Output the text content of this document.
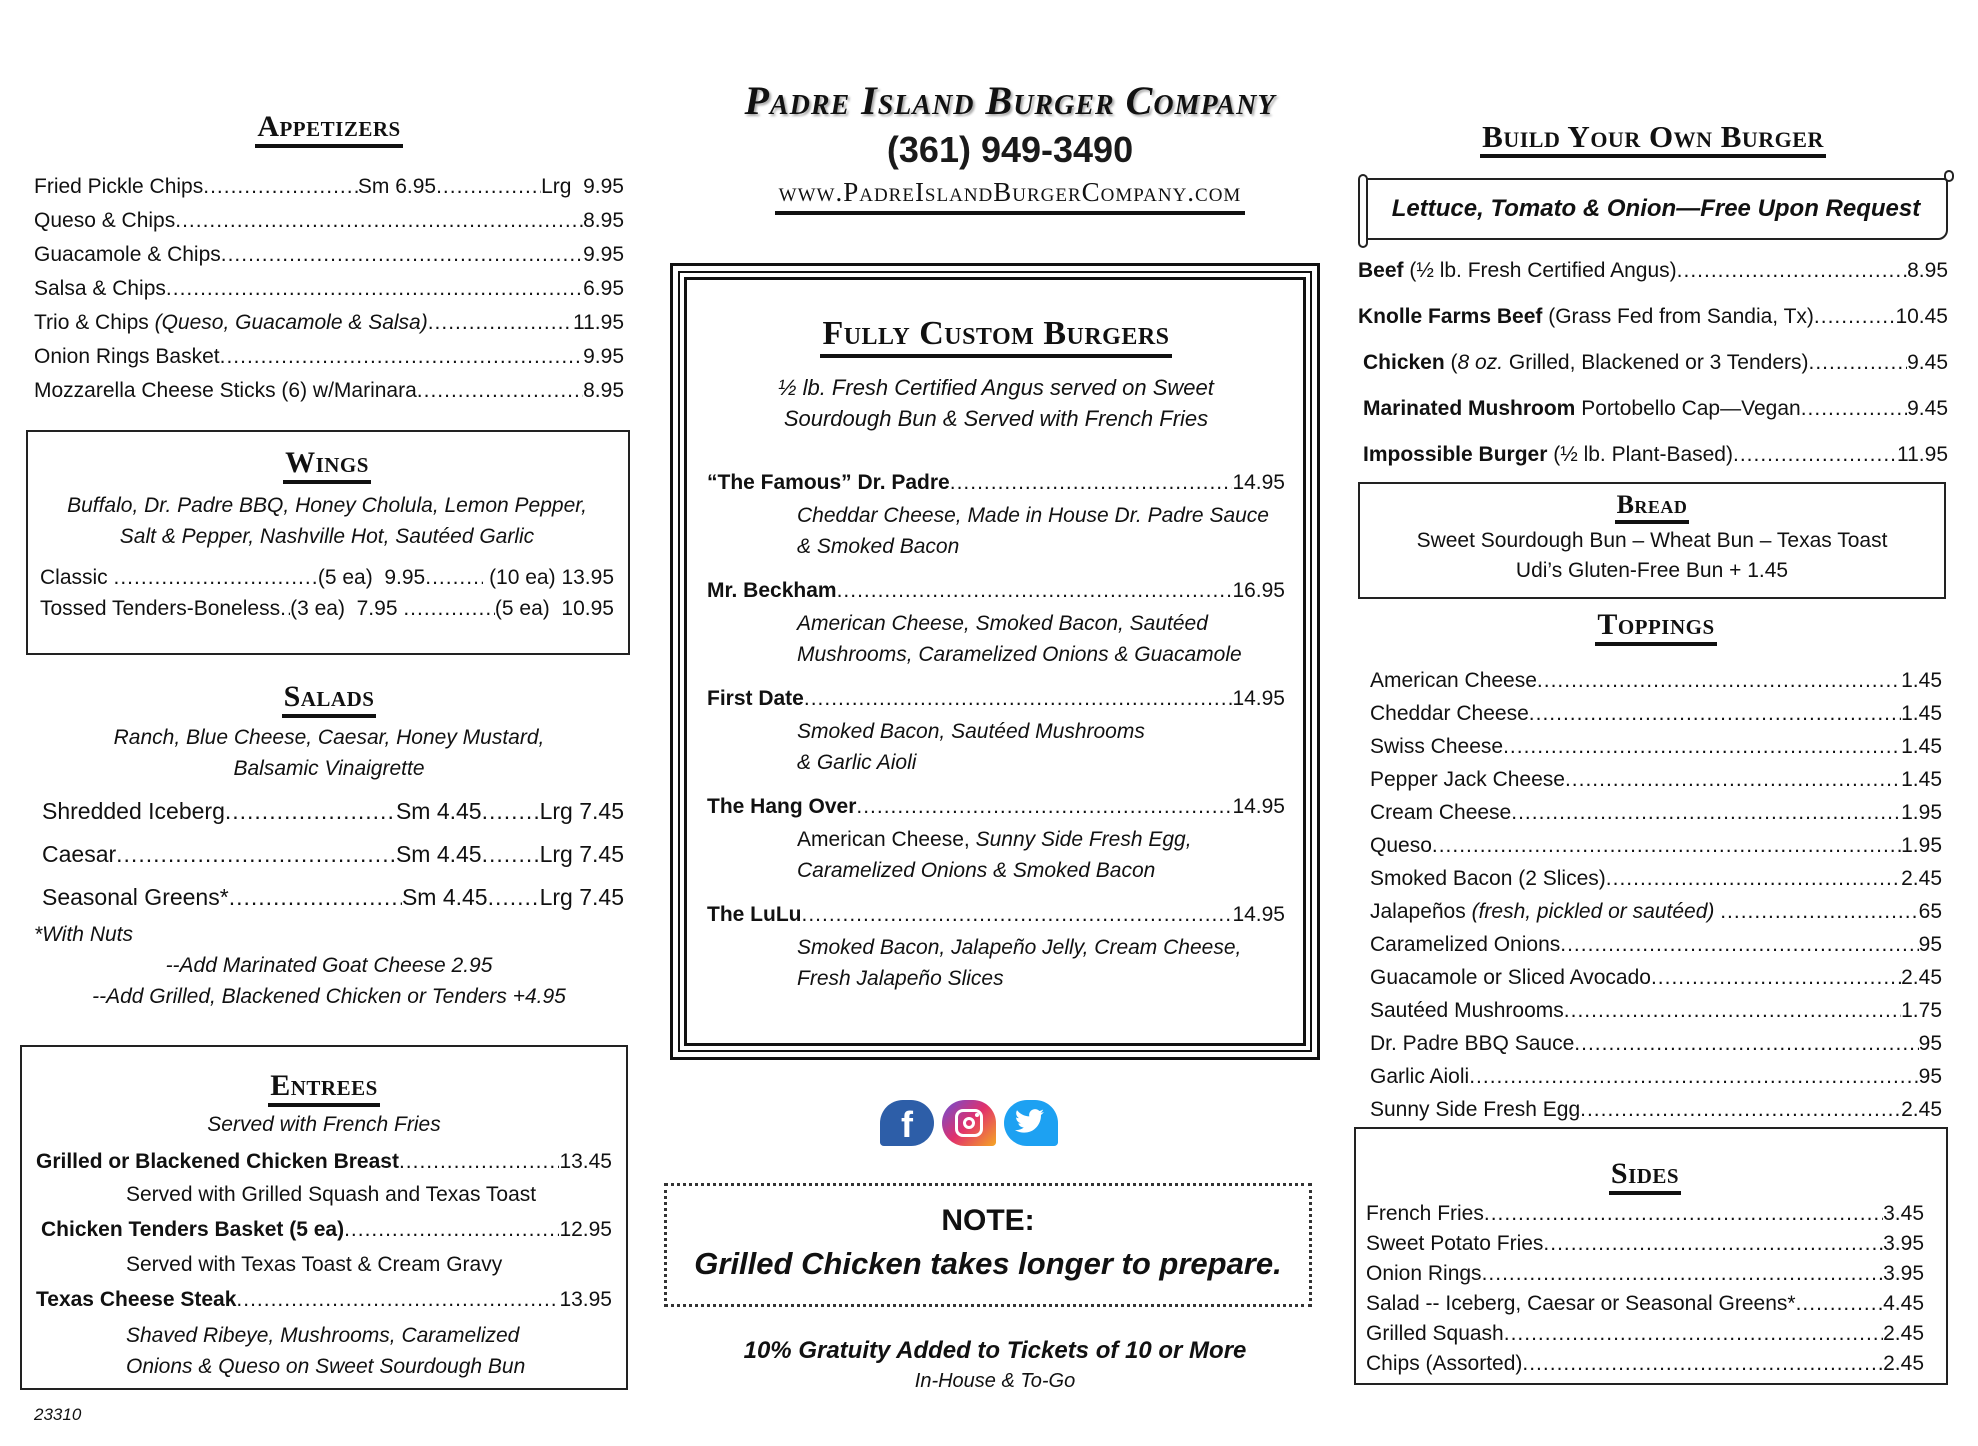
Appetizers
Fried Pickle Chips .....	Sm 6.95 .....	Lrg  9.95
Queso & Chips .....	8.95
Guacamole & Chips .....	9.95
Salsa & Chips .....	6.95
Trio & Chips (Queso, Guacamole & Salsa) .....	11.95
Onion Rings Basket .....	9.95
Mozzarella Cheese Sticks (6) w/Marinara .....	8.95
Wings
Buffalo, Dr. Padre BBQ, Honey Cholula, Lemon Pepper,
Salt & Pepper, Nashville Hot, Sautéed Garlic
Classic .....	(5 ea)  9.95 .....	(10 ea) 13.95
Tossed Tenders-Boneless ..... (3 ea)  7.95 .....	(5 ea)  10.95
Salads
Ranch, Blue Cheese, Caesar, Honey Mustard,
Balsamic Vinaigrette
Shredded Iceberg .....	Sm 4.45 .....	Lrg 7.45
Caesar .....	Sm 4.45 .....	Lrg 7.45
Seasonal Greens* .....	Sm 4.45 ..... Lrg 7.45
*With Nuts
--Add Marinated Goat Cheese 2.95
--Add Grilled, Blackened Chicken or Tenders +4.95
Entrees
Served with French Fries
Grilled or Blackened Chicken Breast .....	13.45
Served with Grilled Squash and Texas Toast
Chicken Tenders Basket (5 ea) .....	12.95
Served with Texas Toast & Cream Gravy
Texas Cheese Steak .....	13.95
Shaved Ribeye, Mushrooms, Caramelized
Onions & Queso on Sweet Sourdough Bun
23310
Padre Island Burger Company
(361) 949-3490
www.PadreIslandBurgerCompany.com
Fully Custom Burgers
½ lb. Fresh Certified Angus served on Sweet
Sourdough Bun & Served with French Fries
“The Famous” Dr. Padre .....	14.95
Cheddar Cheese, Made in House Dr. Padre Sauce
& Smoked Bacon
Mr. Beckham .....	16.95
American Cheese, Smoked Bacon, Sautéed
Mushrooms, Caramelized Onions & Guacamole
First Date .....	14.95
Smoked Bacon, Sautéed Mushrooms
& Garlic Aioli
The Hang Over .....	14.95
American Cheese, Sunny Side Fresh Egg,
Caramelized Onions & Smoked Bacon
The LuLu .....	14.95
Smoked Bacon, Jalapeño Jelly, Cream Cheese,
Fresh Jalapeño Slices
f
NOTE:
Grilled Chicken takes longer to prepare.
10% Gratuity Added to Tickets of 10 or More
In-House & To-Go
Build Your Own Burger
Lettuce, Tomato & Onion—Free Upon Request
Beef (½ lb. Fresh Certified Angus) .....	8.95
Knolle Farms Beef (Grass Fed from Sandia, Tx) .....	10.45
Chicken ( 8 oz. Grilled, Blackened or 3 Tenders) .....	9.45
Marinated Mushroom Portobello Cap—Vegan .....	9.45
Impossible Burger (½ lb. Plant-Based) .....	11.95
Bread
Sweet Sourdough Bun – Wheat Bun – Texas Toast
Udi’s Gluten-Free Bun + 1.45
Toppings
American Cheese .....	1.45
Cheddar Cheese .....	1.45
Swiss Cheese .....	1.45
Pepper Jack Cheese .....	1.45
Cream Cheese .....	1.95
Queso .....	1.95
Smoked Bacon (2 Slices) .....	2.45
Jalapeños (fresh, pickled or sautéed) .....	65
Caramelized Onions .....	95
Guacamole or Sliced Avocado .....	2.45
Sautéed Mushrooms .....	1.75
Dr. Padre BBQ Sauce .....	95
Garlic Aioli .....	95
Sunny Side Fresh Egg .....	2.45
Sides
French Fries .....	3.45
Sweet Potato Fries .....	3.95
Onion Rings .....	3.95
Salad -- Iceberg, Caesar or Seasonal Greens* .....	4.45
Grilled Squash .....	2.45
Chips (Assorted) .....	2.45
